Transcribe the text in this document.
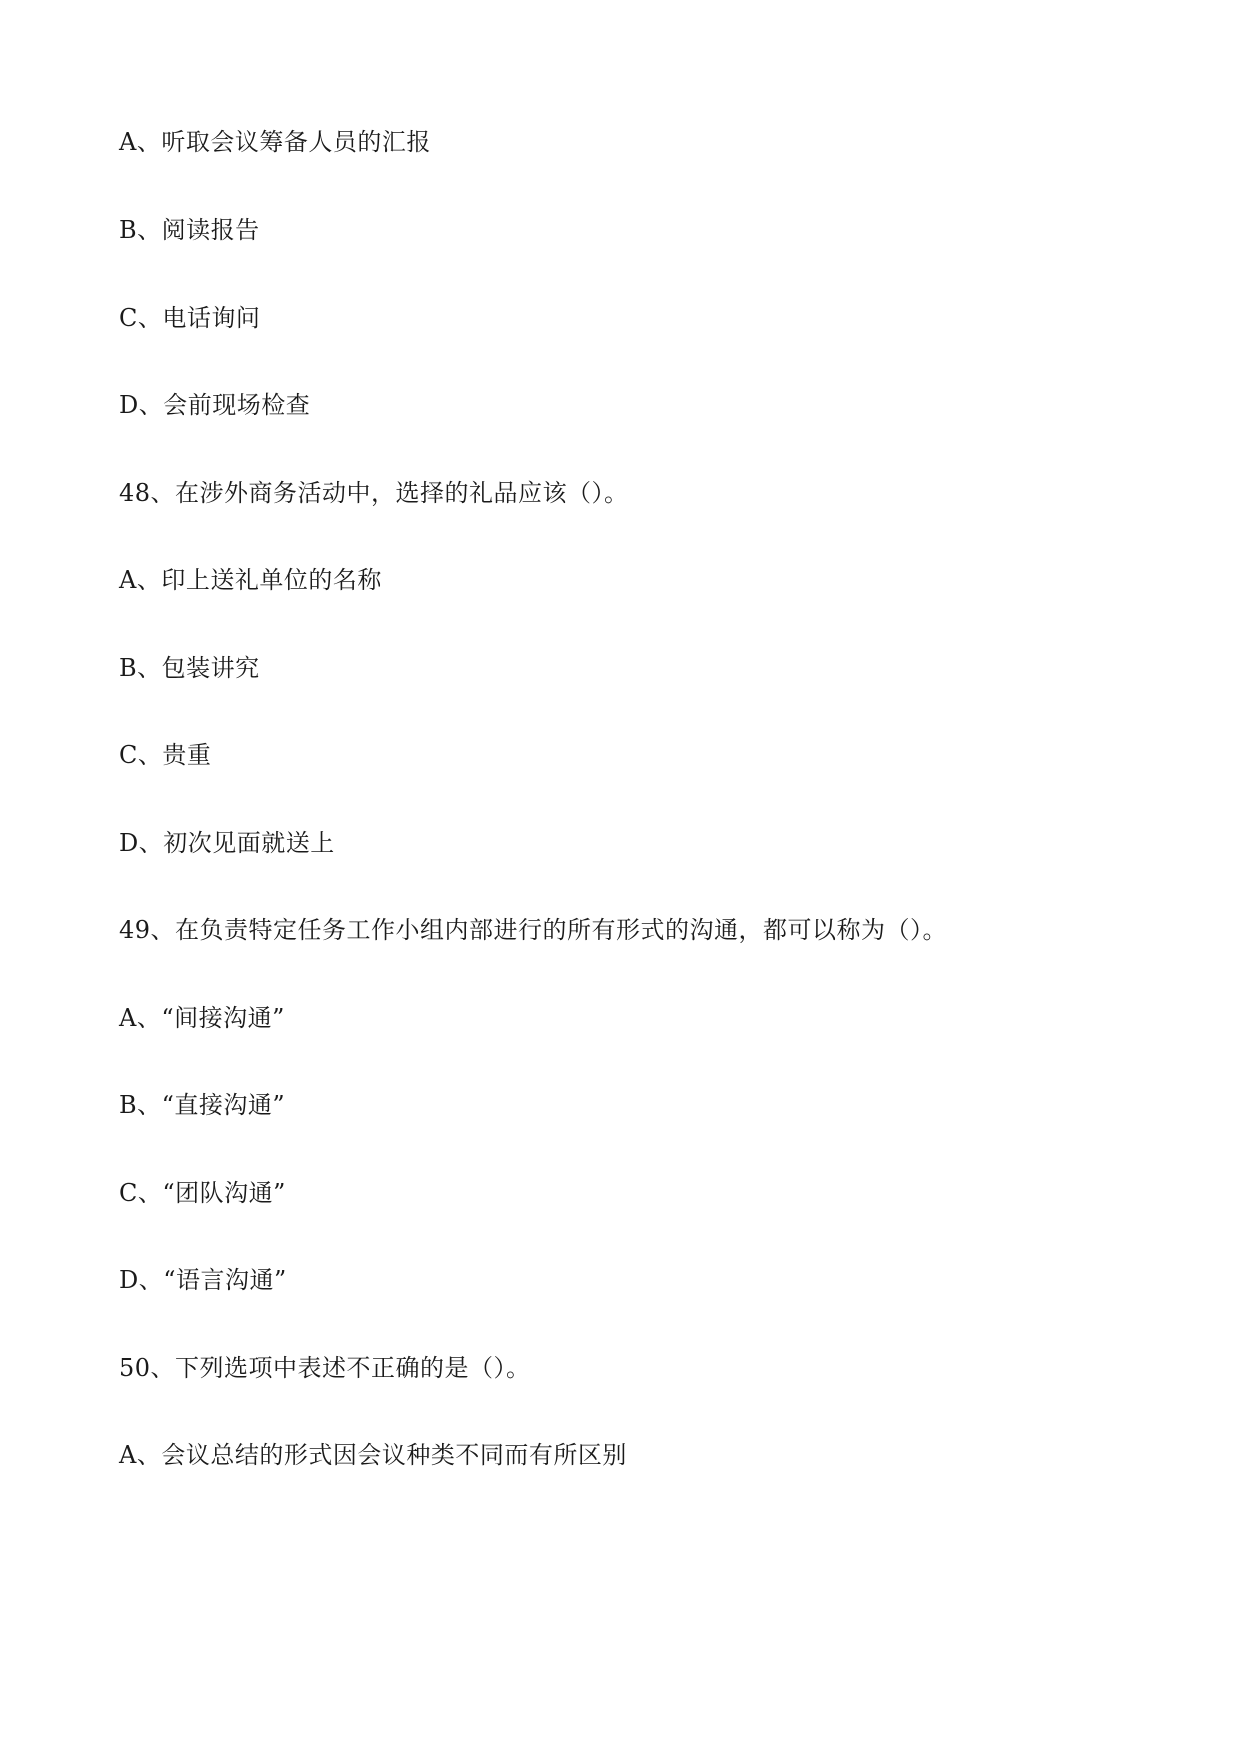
A、听取会议筹备人员的汇报
B、阅读报告
C、电话询问
D、会前现场检查
48、在涉外商务活动中，选择的礼品应该（）。
A、印上送礼单位的名称
B、包装讲究
C、贵重
D、初次见面就送上
49、在负责特定任务工作小组内部进行的所有形式的沟通，都可以称为（）。
A、“间接沟通”
B、“直接沟通”
C、“团队沟通”
D、“语言沟通”
50、下列选项中表述不正确的是（）。
A、会议总结的形式因会议种类不同而有所区别
